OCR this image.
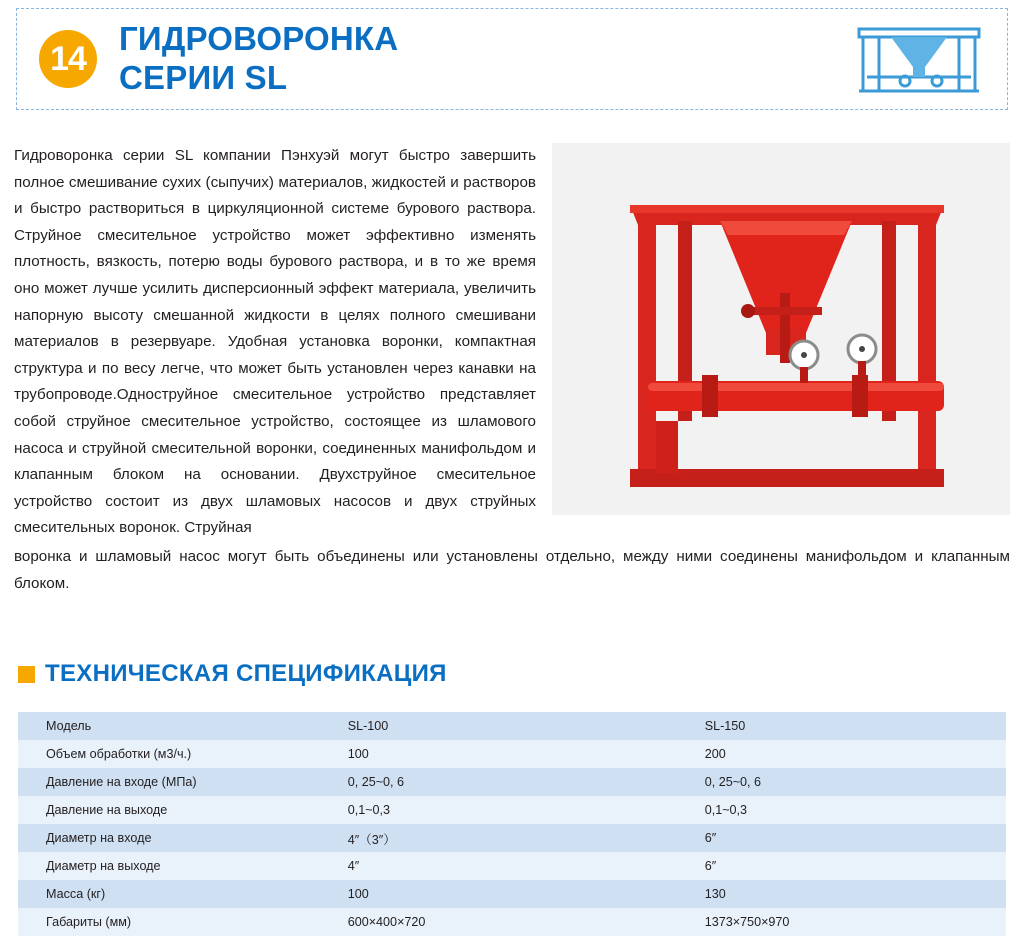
14
ГИДРОВОРОНКА
СЕРИИ SL
Гидроворонка серии SL компании Пэнхуэй могут быстро завершить полное смешивание сухих (сыпучих) материалов, жидкостей и растворов и быстро раствориться в циркуляционной системе бурового раствора. Струйное смесительное устройство может эффективно изменять плотность, вязкость, потерю воды бурового раствора, и в то же время оно может лучше усилить дисперсионный эффект материала, увеличить напорную высоту смешанной жидкости в целях полного смешивани материалов в резервуаре. Удобная установка воронки, компактная структура и по весу легче, что может быть установлен через канавки на трубопроводе.Одноструйное смесительное устройство представляет собой струйное смесительное устройство, состоящее из шламового насоса и струйной смесительной воронки, соединенных манифольдом и клапанным блоком на основании. Двухструйное смесительное устройство состоит из двух шламовых насосов и двух струйных смесительных воронок. Струйная
воронка и шламовый насос могут быть объединены или установлены отдельно, между ними соединены манифольдом и клапанным блоком.
ТЕХНИЧЕСКАЯ СПЕЦИФИКАЦИЯ
Модель	SL-100	SL-150
Объем обработки (м3/ч.)	100	200
Давление на входе (МПа)	0, 25~0, 6	0, 25~0, 6
Давление на выходе	0,1~0,3	0,1~0,3
Диаметр на входе	4″（3″）	6″
Диаметр на выходе	4″	6″
Масса (кг)	100	130
Габариты (мм)	600×400×720	1373×750×970
